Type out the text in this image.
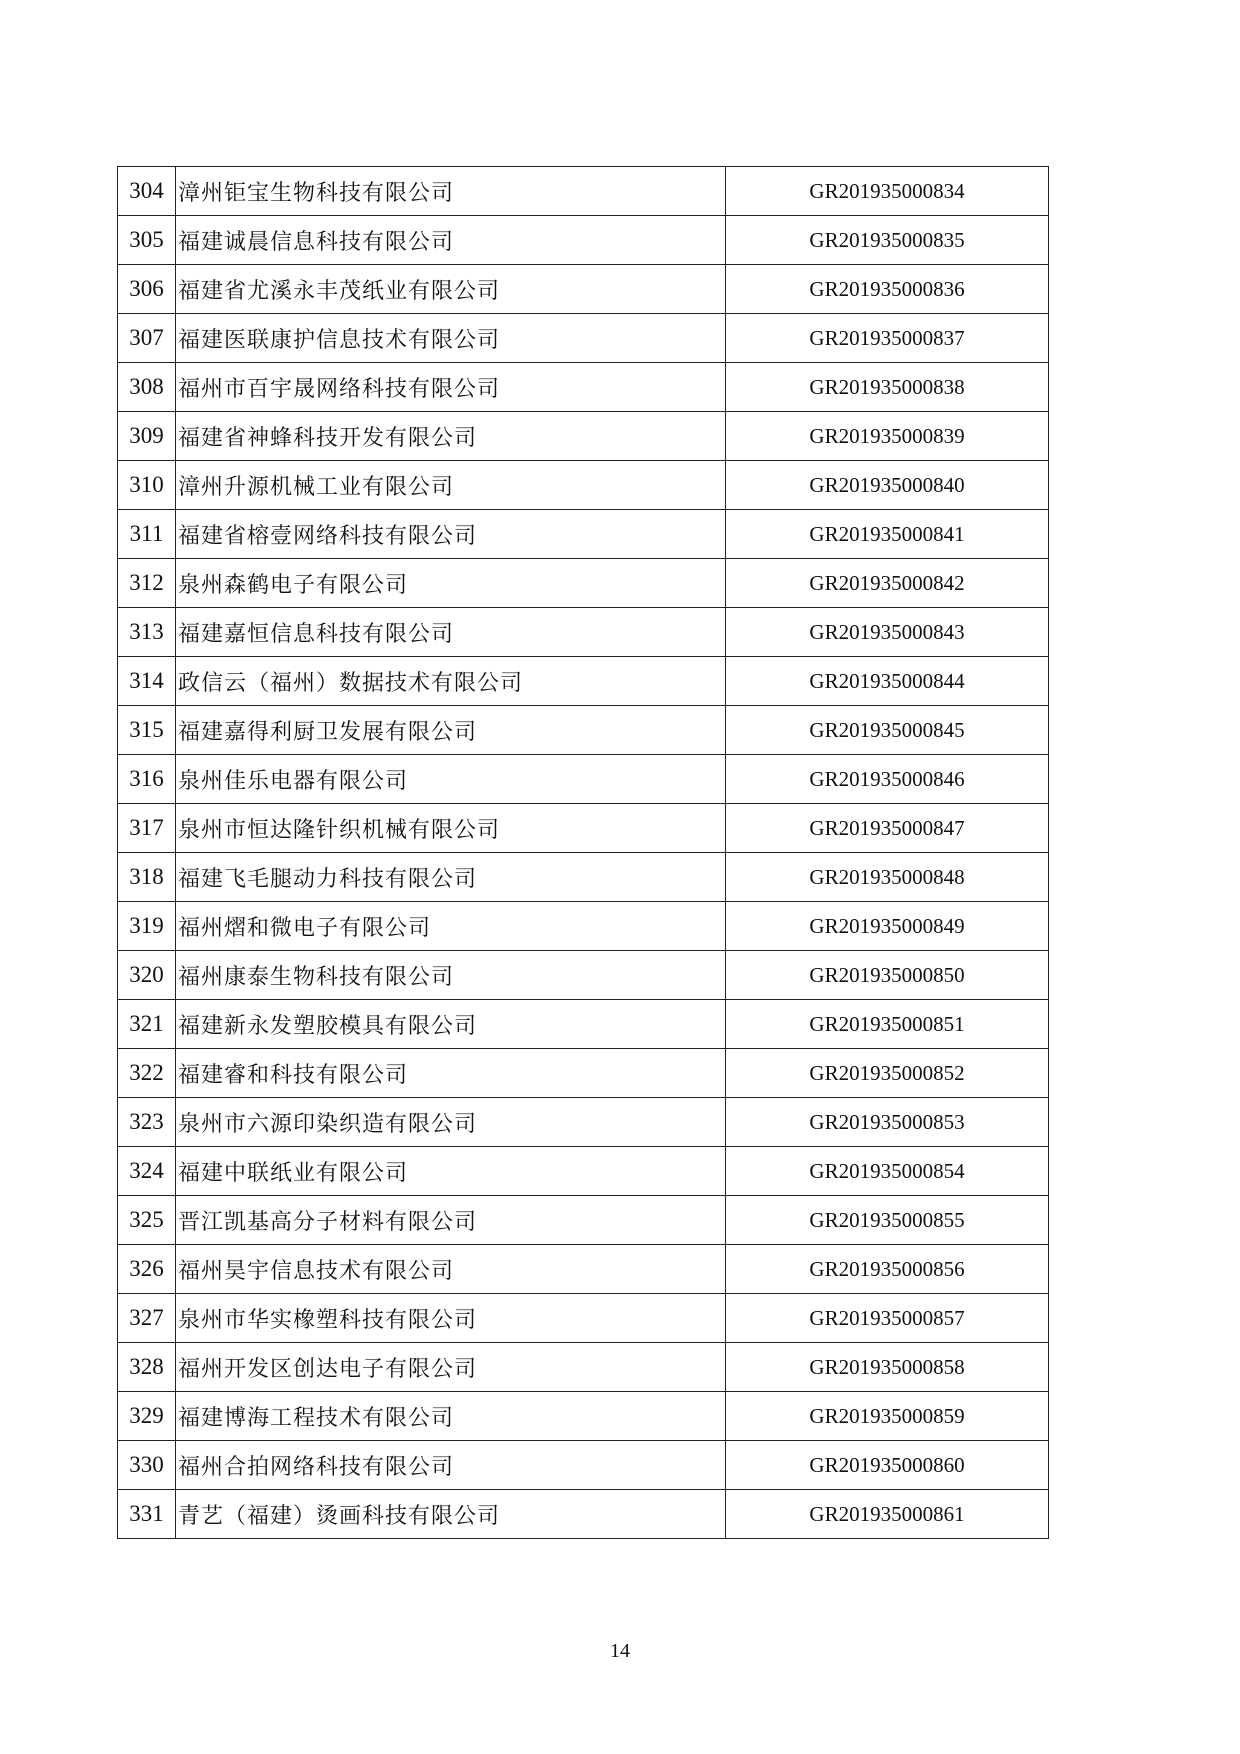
304	漳州钜宝生物科技有限公司	GR201935000834
305	福建诚晨信息科技有限公司	GR201935000835
306	福建省尤溪永丰茂纸业有限公司	GR201935000836
307	福建医联康护信息技术有限公司	GR201935000837
308	福州市百宇晟网络科技有限公司	GR201935000838
309	福建省神蜂科技开发有限公司	GR201935000839
310	漳州升源机械工业有限公司	GR201935000840
311	福建省榕壹网络科技有限公司	GR201935000841
312	泉州森鹤电子有限公司	GR201935000842
313	福建嘉恒信息科技有限公司	GR201935000843
314	政信云（福州）数据技术有限公司	GR201935000844
315	福建嘉得利厨卫发展有限公司	GR201935000845
316	泉州佳乐电器有限公司	GR201935000846
317	泉州市恒达隆针织机械有限公司	GR201935000847
318	福建飞毛腿动力科技有限公司	GR201935000848
319	福州熠和微电子有限公司	GR201935000849
320	福州康泰生物科技有限公司	GR201935000850
321	福建新永发塑胶模具有限公司	GR201935000851
322	福建睿和科技有限公司	GR201935000852
323	泉州市六源印染织造有限公司	GR201935000853
324	福建中联纸业有限公司	GR201935000854
325	晋江凯基高分子材料有限公司	GR201935000855
326	福州昊宇信息技术有限公司	GR201935000856
327	泉州市华实橡塑科技有限公司	GR201935000857
328	福州开发区创达电子有限公司	GR201935000858
329	福建博海工程技术有限公司	GR201935000859
330	福州合拍网络科技有限公司	GR201935000860
331	青艺（福建）烫画科技有限公司	GR201935000861
14
